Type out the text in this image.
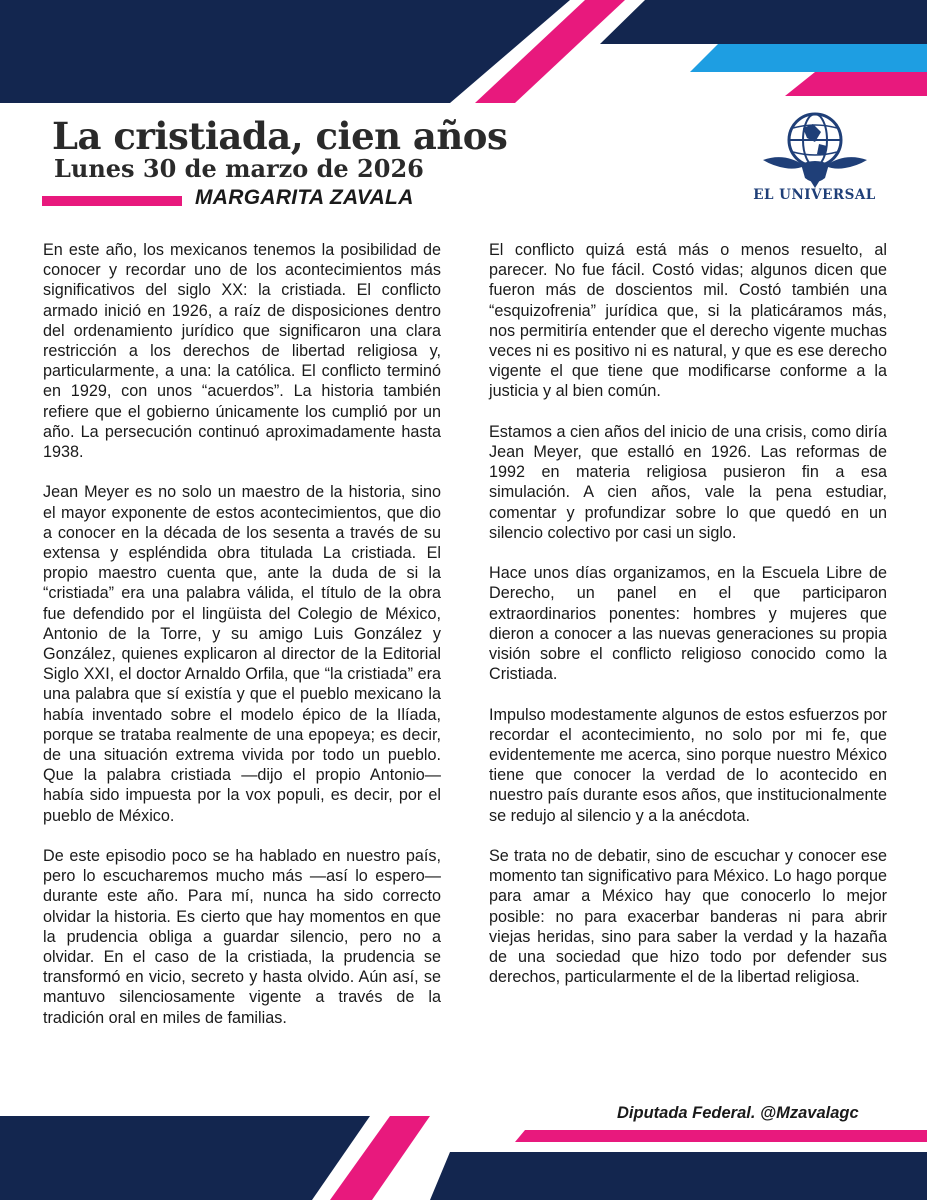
La cristiada, cien años
Lunes 30 de marzo de 2026
MARGARITA ZAVALA	EL UNIVERSAL

En este año, los mexicanos tenemos la posibilidad de conocer y recordar uno de los acontecimientos más significativos del siglo XX: la cristiada. El conflicto armado inició en 1926, a raíz de disposiciones dentro del ordenamiento jurídico que significaron una clara restricción a los derechos de libertad religiosa y, particularmente, a una: la católica. El conflicto terminó en 1929, con unos “acuerdos”. La historia también refiere que el gobierno únicamente los cumplió por un año. La persecución continuó aproximadamente hasta 1938.

Jean Meyer es no solo un maestro de la historia, sino el mayor exponente de estos acontecimientos, que dio a conocer en la década de los sesenta a través de su extensa y espléndida obra titulada La cristiada. El propio maestro cuenta que, ante la duda de si la “cristiada” era una palabra válida, el título de la obra fue defendido por el lingüista del Colegio de México, Antonio de la Torre, y su amigo Luis González y González, quienes explicaron al director de la Editorial Siglo XXI, el doctor Arnaldo Orfila, que “la cristiada” era una palabra que sí existía y que el pueblo mexicano la había inventado sobre el modelo épico de la Ilíada, porque se trataba realmente de una epopeya; es decir, de una situación extrema vivida por todo un pueblo. Que la palabra cristiada —dijo el propio Antonio— había sido impuesta por la vox populi, es decir, por el pueblo de México.

De este episodio poco se ha hablado en nuestro país, pero lo escucharemos mucho más —así lo espero— durante este año. Para mí, nunca ha sido correcto olvidar la historia. Es cierto que hay momentos en que la prudencia obliga a guardar silencio, pero no a olvidar. En el caso de la cristiada, la prudencia se transformó en vicio, secreto y hasta olvido. Aún así, se mantuvo silenciosamente vigente a través de la tradición oral en miles de familias.

El conflicto quizá está más o menos resuelto, al parecer. No fue fácil. Costó vidas; algunos dicen que fueron más de doscientos mil. Costó también una “esquizofrenia” jurídica que, si la platicáramos más, nos permitiría entender que el derecho vigente muchas veces ni es positivo ni es natural, y que es ese derecho vigente el que tiene que modificarse conforme a la justicia y al bien común.

Estamos a cien años del inicio de una crisis, como diría Jean Meyer, que estalló en 1926. Las reformas de 1992 en materia religiosa pusieron fin a esa simulación. A cien años, vale la pena estudiar, comentar y profundizar sobre lo que quedó en un silencio colectivo por casi un siglo.

Hace unos días organizamos, en la Escuela Libre de Derecho, un panel en el que participaron extraordinarios ponentes: hombres y mujeres que dieron a conocer a las nuevas generaciones su propia visión sobre el conflicto religioso conocido como la Cristiada.

Impulso modestamente algunos de estos esfuerzos por recordar el acontecimiento, no solo por mi fe, que evidentemente me acerca, sino porque nuestro México tiene que conocer la verdad de lo acontecido en nuestro país durante esos años, que institucionalmente se redujo al silencio y a la anécdota.

Se trata no de debatir, sino de escuchar y conocer ese momento tan significativo para México. Lo hago porque para amar a México hay que conocerlo lo mejor posible: no para exacerbar banderas ni para abrir viejas heridas, sino para saber la verdad y la hazaña de una sociedad que hizo todo por defender sus derechos, particularmente el de la libertad religiosa.

Diputada Federal. @Mzavalagc
